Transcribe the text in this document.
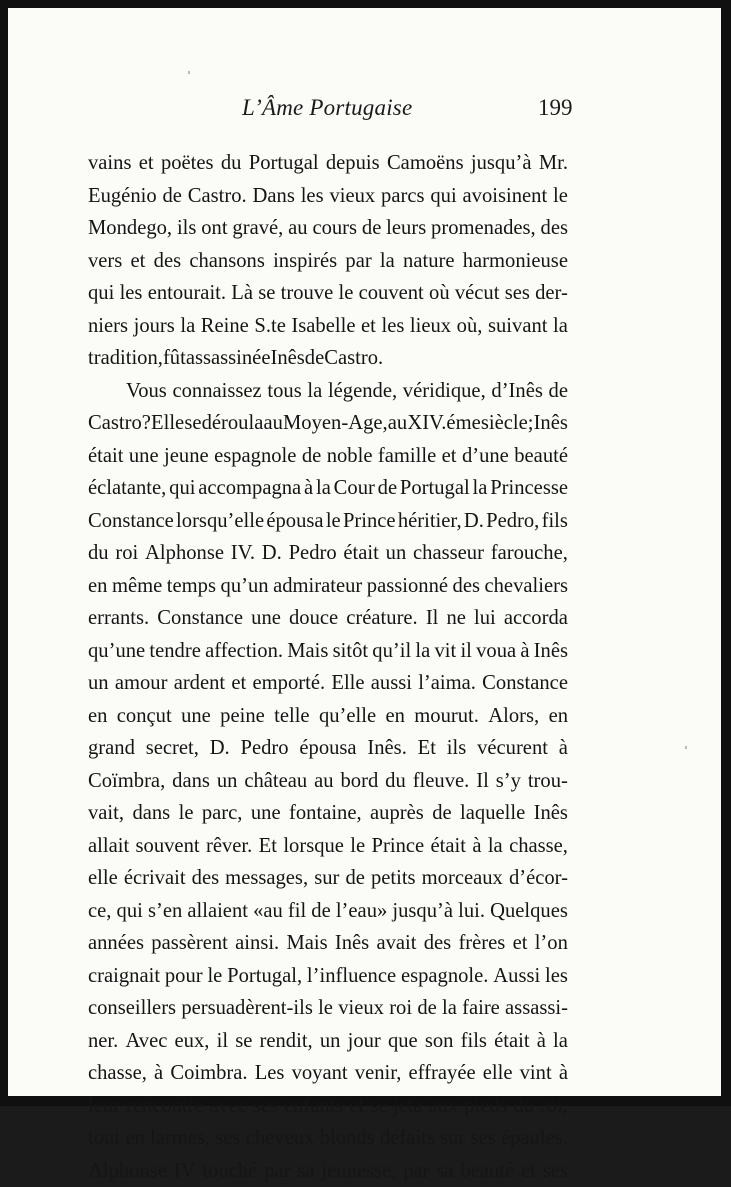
L’Âme Portugaise	199
vains et poëtes du Portugal depuis Camoëns jusqu’à Mr.
Eugénio de Castro. Dans les vieux parcs qui avoisinent le
Mondego, ils ont gravé, au cours de leurs promenades, des
vers et des chansons inspirés par la nature harmonieuse
qui les entourait. Là se trouve le couvent où vécut ses der-
niers jours la Reine S.te Isabelle et les lieux où, suivant la
tradition, fût assassinée Inês de Castro.
Vous connaissez tous la légende, véridique, d’Inês de
Castro? Elle se déroula au Moyen-Age, au XIV.éme siècle; Inês
était une jeune espagnole de noble famille et d’une beauté
éclatante, qui accompagna à la Cour de Portugal la Princesse
Constance lorsqu’elle épousa le Prince héritier, D. Pedro, fils
du roi Alphonse IV. D. Pedro était un chasseur farouche,
en même temps qu’un admirateur passionné des chevaliers
errants. Constance une douce créature. Il ne lui accorda
qu’une tendre affection. Mais sitôt qu’il la vit il voua à Inês
un amour ardent et emporté. Elle aussi l’aima. Constance
en conçut une peine telle qu’elle en mourut. Alors, en
grand secret, D. Pedro épousa Inês. Et ils vécurent à
Coïmbra, dans un château au bord du fleuve. Il s’y trou-
vait, dans le parc, une fontaine, auprès de laquelle Inês
allait souvent rêver. Et lorsque le Prince était à la chasse,
elle écrivait des messages, sur de petits morceaux d’écor-
ce, qui s’en allaient «au fil de l’eau» jusqu’à lui. Quelques
années passèrent ainsi. Mais Inês avait des frères et l’on
craignait pour le Portugal, l’influence espagnole. Aussi les
conseillers persuadèrent-ils le vieux roi de la faire assassi-
ner. Avec eux, il se rendit, un jour que son fils était à la
chasse, à Coimbra. Les voyant venir, effrayée elle vint à
leur rencontre avec ses enfants et se jeta aux pieds du roi,
tout en larmes, ses cheveux blonds défaits sur ses épaules.
Alphonse IV touché par sa jeunesse, par sa beauté et ses
